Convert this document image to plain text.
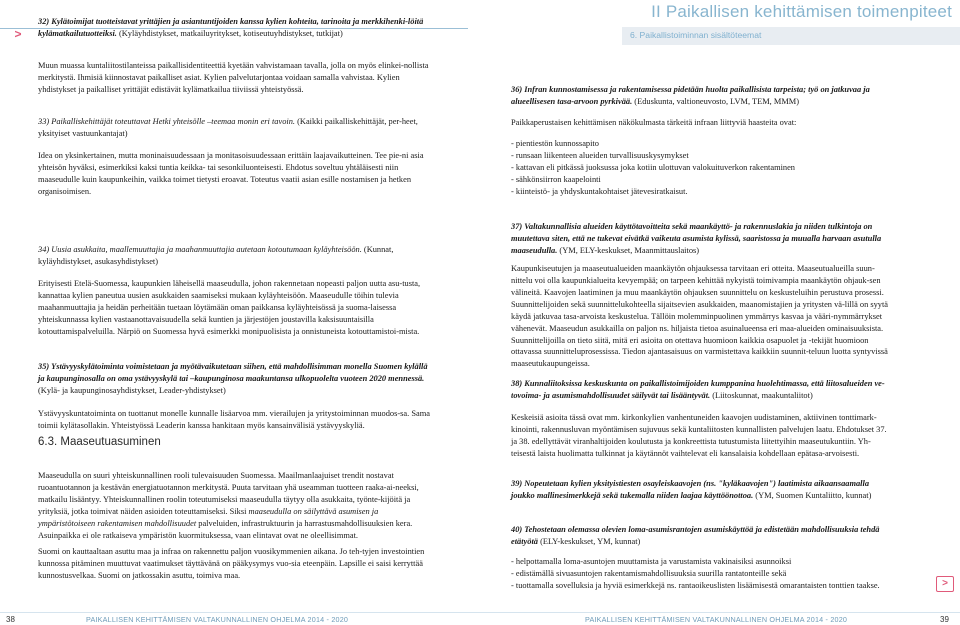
>
II Paikallisen kehittämisen toimenpiteet
6. Paikallistoiminnan sisältöteemat

32) Kylätoimijat tuotteistavat yrittäjien ja asiantuntijoiden kanssa kylien kohteita, tarinoita ja merkkihenki-löitä kylämatkailutuotteiksi. (Kyläyhdistykset, matkailuyritykset, kotiseutuyhdistykset, tutkijat)

Muun muassa kuntaliitostilanteissa paikallisidentiteettiä kyetään vahvistamaan tavalla, jolla on myös elinkei-nollista merkitystä. Ihmisiä kiinnostavat paikalliset asiat. Kylien palvelutarjontaa voidaan samalla vahvistaa. Kylien yhdistykset ja paikalliset yrittäjät edistävät kylämatkailua tiiviissä yhteistyössä.

33) Paikalliskehittäjät toteuttavat Hetki yhteisölle –teemaa monin eri tavoin. (Kaikki paikalliskehittäjät, per-heet, yksityiset vastuunkantajat)

Idea on yksinkertainen, mutta moninaisuudessaan ja monitasoisuudessaan erittäin laajavaikutteinen. Tee pie-ni asia yhteisön hyväksi, esimerkiksi kaksi tuntia keikka- tai sesonkiluonteisesti. Ehdotus soveltuu yhtäläisesti niin maaseudulle kuin kaupunkeihin, vaikka toimet tietysti eroavat. Toteutus vaatii asian esille nostamisen ja hetken organisoimisen.

34) Uusia asukkaita, maallemuuttajia ja maahanmuuttajia autetaan kotoutumaan kyläyhteisöön. (Kunnat, kyläyhdistykset, asukasyhdistykset)

Erityisesti Etelä-Suomessa, kaupunkien läheisellä maaseudulla, johon rakennetaan nopeasti paljon uutta asu-tusta, kannattaa kylien paneutua uusien asukkaiden saamiseksi mukaan kyläyhteisöön. Maaseudulle töihin tulevia maahanmuuttajia ja heidän perheitään tuetaan löytämään oman paikkansa kyläyhteisössä ja suoma-laisessa yhteiskunnassa kylien vastaanottavaisuudella sekä kuntien ja järjestöjen joustavilla kaksisuuntaisilla kotouttamispalveluilla. Närpiö on Suomessa hyvä esimerkki monipuolisista ja onnistuneista kotouttamistoi-mista.

35) Ystävyyskylätoiminta voimistetaan ja myötävaikutetaan siihen, että mahdollisimman monella Suomen kylällä ja kaupunginosalla on oma ystävyyskylä tai –kaupunginosa maakuntansa ulkopuolelta vuoteen 2020 mennessä. (Kylä- ja kaupunginosayhdistykset, Leader-yhdistykset)

Ystävyyskuntatoiminta on tuottanut monelle kunnalle lisäarvoa mm. vierailujen ja yritystoiminnan muodos-sa. Sama toimii kylätasollakin. Yhteistyössä Leaderin kanssa hankitaan myös kansainvälisiä ystävyyskyliä.

6.3. Maaseutuasuminen

Maaseudulla on suuri yhteiskunnallinen rooli tulevaisuuden Suomessa. Maailmanlaajuiset trendit nostavat ruoantuotannon ja kestävän energiatuotannon merkitystä. Puuta tarvitaan yhä useamman tuotteen raaka-ai-neeksi, matkailu lisääntyy. Yhteiskunnallinen roolin toteutumiseksi maaseudulla täytyy olla asukkaita, työnte-kijöitä ja yrityksiä, jotka toimivat näiden asioiden toteuttamiseksi. Siksi maaseudulla on säilyttävä asumisen ja ympäristötoiseen rakentamisen mahdollisuudet palveluiden, infrastruktuurin ja harrastusmahdollisuuksien kera. Asuinpaikka ei ole ratkaiseva ympäristön kuormituksessa, vaan elintavat ovat ne oleellisimmat.

Suomi on kauttaaltaan asuttu maa ja infraa on rakennettu paljon vuosikymmenien aikana. Jo teh-tyjen investointien kunnossa pitäminen muuttuvat vaatimukset täyttävänä on pääkysymys vuo-sia eteenpäin. Lapsille ei saisi kerryttää kunnostusvelkaa. Suomi on jatkossakin asuttu, toimiva maa.

36) Infran kunnostamisessa ja rakentamisessa pidetään huolta paikallisista tarpeista; työ on jatkuvaa ja alueellisesen tasa-arvoon pyrkivää. (Eduskunta, valtioneuvosto, LVM, TEM, MMM)

Paikkaperustaisen kehittämisen näkökulmasta tärkeitä infraan liittyviä haasteita ovat:

- pientiestön kunnossapito
- runsaan liikenteen alueiden turvallisuuskysymykset
- kattavan eli pitkässä juoksussa joka kotiin ulottuvan valokuituverkon rakentaminen
- sähkönsiirron kaapelointi
- kiinteistö- ja yhdyskuntakohtaiset jätevesiratkaisut.

37) Valtakunnallisia alueiden käyttötavoitteita sekä maankäyttö- ja rakennuslakia ja niiden tulkintoja on muutettava siten, että ne tukevat eivätkä vaikeuta asumista kylissä, saaristossa ja muualla harvaan asutulla maaseudulla. (YM, ELY-keskukset, Maanmittauslaitos)

Kaupunkiseutujen ja maaseutualueiden maankäytön ohjauksessa tarvitaan eri otteita. Maaseutualueilla suun-nittelu voi olla kaupunkialueita kevyempää; on tarpeen kehittää nykyistä toimivampia maankäytön ohjauk-sen välineitä. Kaavojen laatiminen ja muu maankäytön ohjauksen suunnittelu on keskusteluihin perustuva prosessi. Suunnittelijoiden sekä suunnittelukohteella sijaitsevien asukkaiden, maanomistajien ja yritysten vä-lillä on syytä käydä jatkuvaa tasa-arvoista keskustelua. Tällöin molemminpuolinen ymmärrys kasvaa ja vääri-nymmärrykset vähenevät. Maaseudun asukkailla on paljon ns. hiljaista tietoa asuinalueensa eri maa-alueiden ominaisuuksista. Suunnittelijoilla on tieto siitä, mitä eri asioita on otettava huomioon kaikkia osapuolet ja -tekijät huomioon ottavassa suunnitteluprosessissa. Tiedon ajantasaisuus on varmistettava kaikkiin suunnit-teluun luotta syntyvissä maaseutukaupungeissa.

38) Kunnaliitoksissa keskuskunta on paikallistoimijoiden kumppanina huolehtimassa, että liitosalueiden ve-tovoima- ja asumismahdollisuudet säilyvät tai lisääntyvät. (Liitoskunnat, maakuntaliitot)

Keskeisiä asioita tässä ovat mm. kirkonkylien vanhentuneiden kaavojen uudistaminen, aktiivinen tonttimark-kinointi, rakennusluvan myöntämisen sujuvuus sekä kuntaliitosten kunnallisten palvelujen laatu. Ehdotukset 37. ja 38. edellyttävät viranhaltijoiden koulutusta ja konkreettista tutustumista liitettyihin maaseutukuntiin. Yh-teisestä laista huolimatta tulkinnat ja käytännöt vaihtelevat eli kansalaisia kohdellaan epätasa-arvoisesti.

39) Nopeutetaan kylien yksityistiesten osayleiskaavojen (ns. "kyläkaavojen") laatimista aikaansaamalla joukko mallinesimerkkejä sekä tukemalla niiden laajaa käyttöönottoa. (YM, Suomen Kuntaliitto, kunnat)

40) Tehostetaan olemassa olevien loma-asumisrantojen asumiskäyttöä ja edistetään mahdollisuuksia tehdä etätyötä (ELY-keskukset, YM, kunnat)

- helpottamalla loma-asuntojen muuttamista ja varustamista vakinaisiksi asunnoiksi
- edistämällä sivuasuntojen rakentamismahdollisuuksia suurilla rantatonteille sekä
- tuottamalla sovelluksia ja hyviä esimerkkejä ns. rantaoikeuslisten lisäämisestä omarantaisten tonttien taakse.	>
38	PAIKALLISEN KEHITTÄMISEN VALTAKUNNALLINEN OHJELMA 2014 - 2020	PAIKALLISEN KEHITTÄMISEN VALTAKUNNALLINEN OHJELMA 2014 - 2020	39
